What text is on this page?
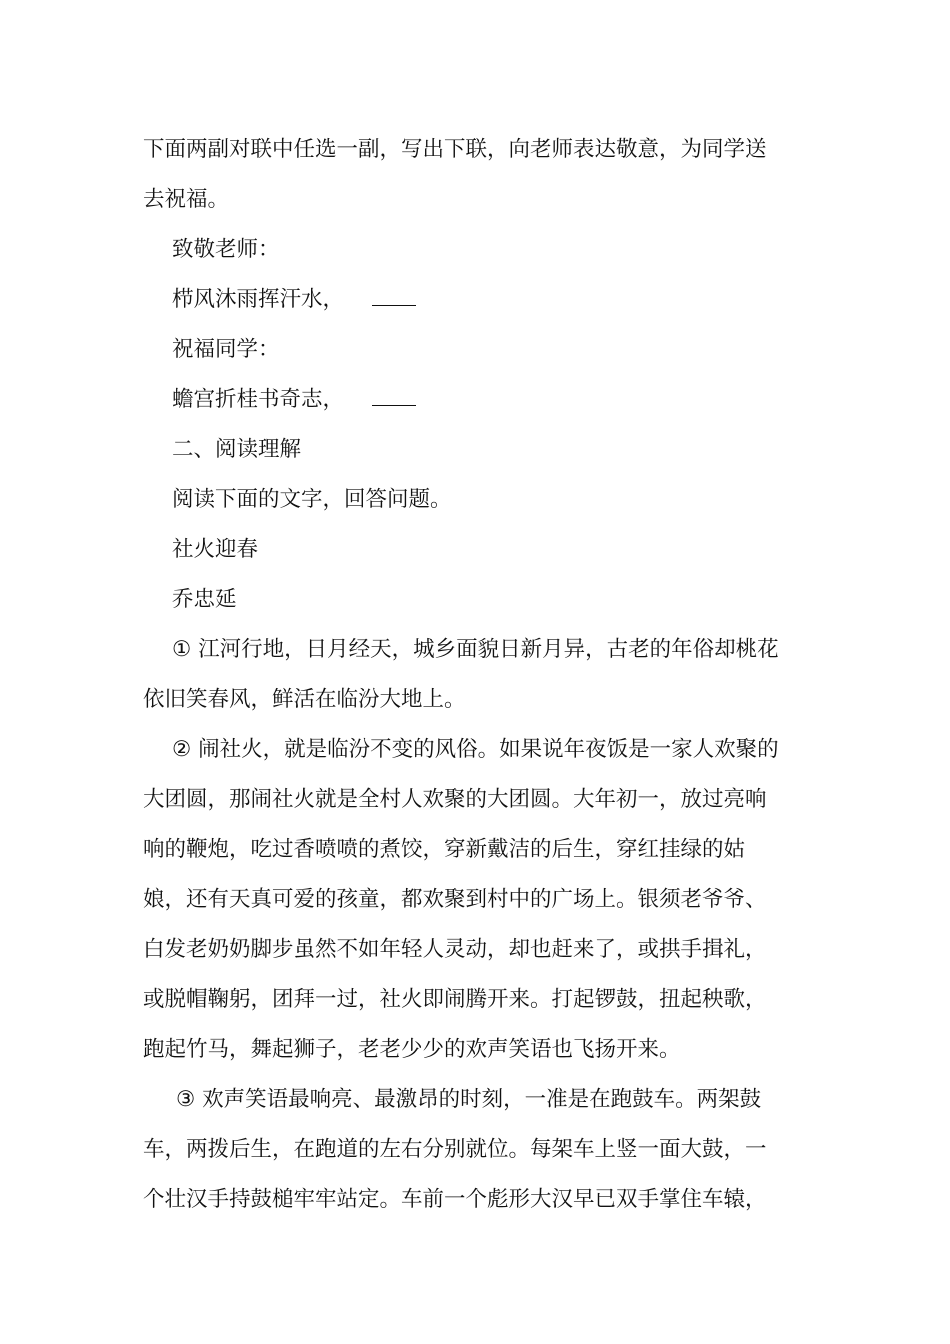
下面两副对联中任选一副，写出下联，向老师表达敬意，为同学送

去祝福。

致敬老师：

栉风沐雨挥汗水，

祝福同学：

蟾宫折桂书奇志，

二、阅读理解

阅读下面的文字，回答问题。

社火迎春

乔忠延

① 江河行地，日月经天，城乡面貌日新月异，古老的年俗却桃花

依旧笑春风，鲜活在临汾大地上。

② 闹社火，就是临汾不变的风俗。如果说年夜饭是一家人欢聚的

大团圆，那闹社火就是全村人欢聚的大团圆。大年初一，放过亮响

响的鞭炮，吃过香喷喷的煮饺，穿新戴洁的后生，穿红挂绿的姑

娘，还有天真可爱的孩童，都欢聚到村中的广场上。银须老爷爷、

白发老奶奶脚步虽然不如年轻人灵动，却也赶来了，或拱手揖礼，

或脱帽鞠躬，团拜一过，社火即闹腾开来。打起锣鼓，扭起秧歌，

跑起竹马，舞起狮子，老老少少的欢声笑语也飞扬开来。

③ 欢声笑语最响亮、最激昂的时刻，一准是在跑鼓车。两架鼓

车，两拨后生，在跑道的左右分别就位。每架车上竖一面大鼓，一

个壮汉手持鼓槌牢牢站定。车前一个彪形大汉早已双手掌住车辕，
